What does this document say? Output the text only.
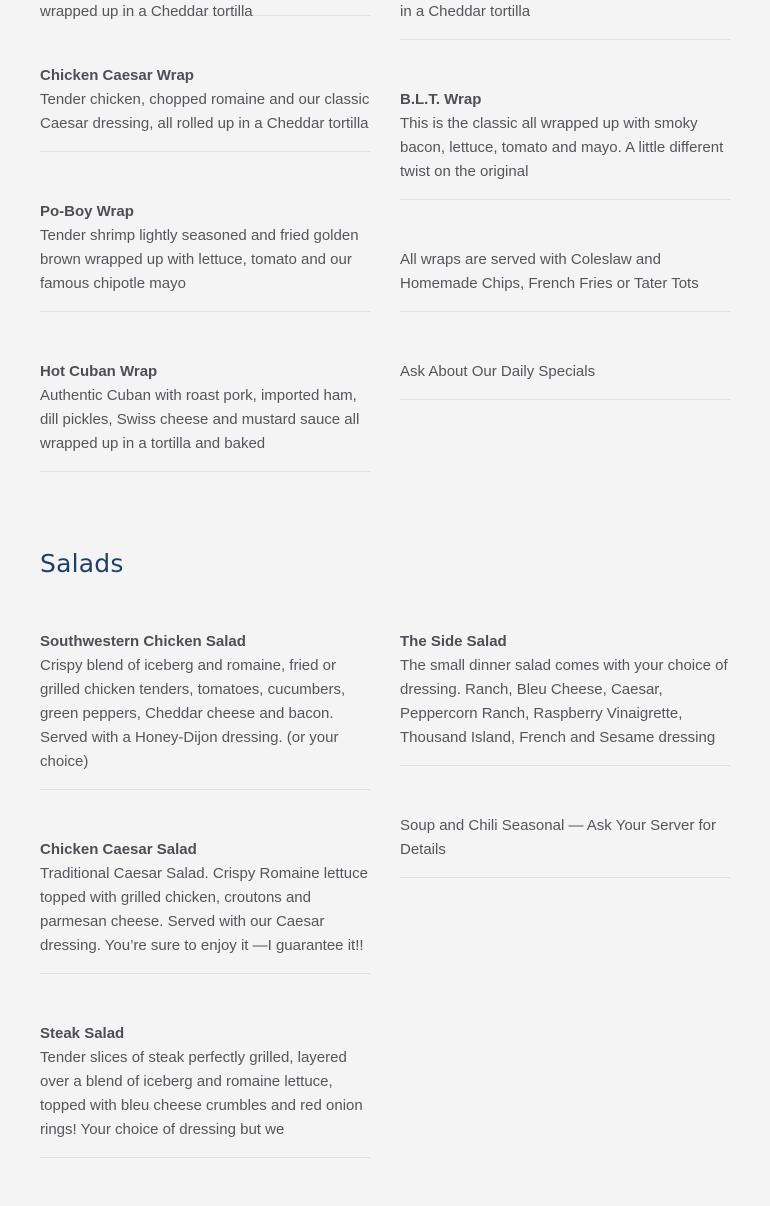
wrapped up in a Cheddar tortilla
Chicken Caesar Wrap
Tender chicken, chopped romaine and our classic Caesar dressing, all rolled up in a Cheddar tortilla
Po-Boy Wrap
Tender shrimp lightly seasoned and fried golden brown wrapped up with lettuce, tomato and our famous chipotle mayo
Hot Cuban Wrap
Authentic Cuban with roast pork, imported ham, dill pickles, Swiss cheese and mustard sauce all wrapped up in a tortilla and baked
in a Cheddar tortilla
B.L.T. Wrap
This is the classic all wrapped up with smoky bacon, lettuce, tomato and mayo. A little different twist on the original
All wraps are served with Coleslaw and Homemade Chips, French Fries or Tater Tots
Ask About Our Daily Specials
Salads
Southwestern Chicken Salad
Crispy blend of iceberg and romaine, fried or grilled chicken tenders, tomatoes, cucumbers, green peppers, Cheddar cheese and bacon. Served with a Honey-Dijon dressing. (or your choice)
Chicken Caesar Salad
Traditional Caesar Salad. Crispy Romaine lettuce topped with grilled chicken, croutons and parmesan cheese. Served with our Caesar dressing. You’re sure to enjoy it —I guarantee it!!
Steak Salad
Tender slices of steak perfectly grilled, layered over a blend of iceberg and romaine lettuce, topped with bleu cheese crumbles and red onion rings! Your choice of dressing but we
The Side Salad
The small dinner salad comes with your choice of dressing. Ranch, Bleu Cheese, Caesar, Peppercorn Ranch, Raspberry Vinaigrette, Thousand Island, French and Sesame dressing
Soup and Chili Seasonal — Ask Your Server for Details
